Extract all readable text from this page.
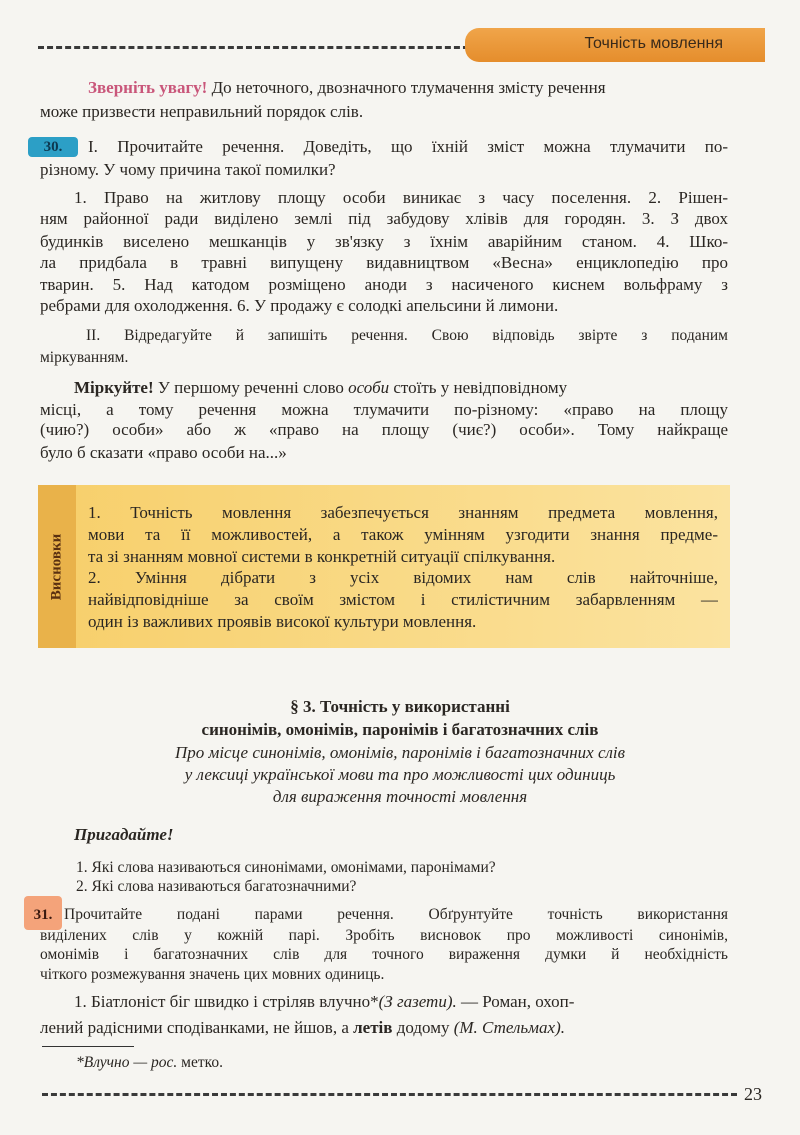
Точність мовлення
Зверніть увагу! До неточного, двозначного тлумачення змісту речення
може призвести неправильний порядок слів.
30.	І. Прочитайте речення. Доведіть, що їхній зміст можна тлумачити по-
різному. У чому причина такої помилки?
1. Право на житлову площу особи виникає з часу поселення. 2. Рішен-
ням районної ради виділено землі під забудову хлівів для городян. 3. З двох
будинків виселено мешканців у зв'язку з їхнім аварійним станом. 4. Шко-
ла придбала в травні випущену видавництвом «Весна» енциклопедію про
тварин. 5. Над катодом розміщено аноди з насиченого киснем вольфраму з
ребрами для охолодження. 6. У продажу є солодкі апельсини й лимони.
ІІ. Відредагуйте й запишіть речення. Свою відповідь звірте з поданим
міркуванням.
Міркуйте! У першому реченні слово особи стоїть у невідповідному
місці, а тому речення можна тлумачити по-різному: «право на площу
(чию?) особи» або ж «право на площу (чиє?) особи». Тому найкраще
було б сказати «право особи на...»
Висновки
1. Точність мовлення забезпечується знанням предмета мовлення,
мови та її можливостей, а також умінням узгодити знання предме-
та зі знанням мовної системи в конкретній ситуації спілкування.
2. Уміння дібрати з усіх відомих нам слів найточніше,
найвідповідніше за своїм змістом і стилістичним забарвленням —
один із важливих проявів високої культури мовлення.
§ 3. Точність у використанні
синонімів, омонімів, паронімів і багатозначних слів
Про місце синонімів, омонімів, паронімів і багатозначних слів
у лексиці української мови та про можливості цих одиниць
для вираження точності мовлення
Пригадайте!
1. Які слова називаються синонімами, омонімами, паронімами?
2. Які слова називаються багатозначними?
31. Прочитайте подані парами речення. Обґрунтуйте точність використання
виділених слів у кожній парі. Зробіть висновок про можливості синонімів,
омонімів і багатозначних слів для точного вираження думки й необхідність
чіткого розмежування значень цих мовних одиниць.
1. Біатлоніст біг швидко і стріляв влучно*(З газети). — Роман, охоп-
лений радісними сподіванками, не йшов, а летів додому (М. Стельмах).
*Влучно — рос. метко.
23
